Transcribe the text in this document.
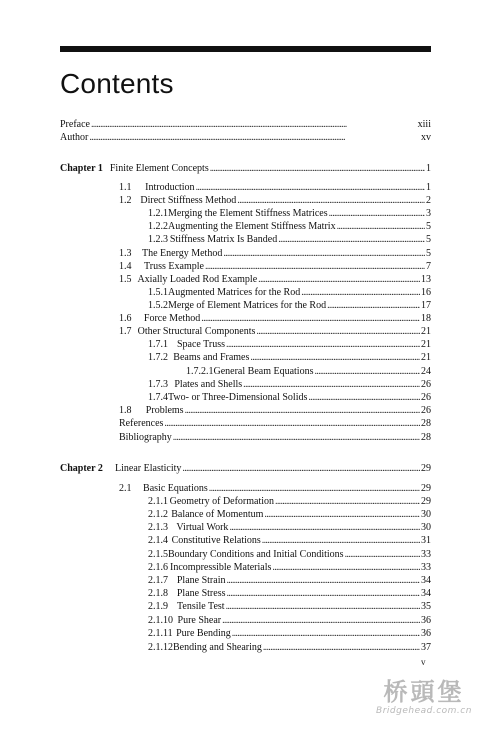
Contents
Preface . . .	xiii
Author . . .	xv
Chapter 1 Finite Element Concepts . . .	1
1.1	Introduction . . .	1
1.2 Direct Stiffness Method . . .	2
1.2.1 Merging the Element Stiffness Matrices . . .	3
1.2.2 Augmenting the Element Stiffness Matrix . . .	5
1.2.3 Stiffness Matrix Is Banded . . .	5
1.3	The Energy Method . . .	5
1.4	Truss Example . . .	7
1.5 Axially Loaded Rod Example . . .	13
1.5.1 Augmented Matrices for the Rod . . .	16
1.5.2 Merge of Element Matrices for the Rod . . .	17
1.6	Force Method . . .	18
1.7 Other Structural Components . . .	21
1.7.1 Space Truss . . .	21
1.7.2 Beams and Frames . . .	21
1.7.2.1 General Beam Equations . . .	24
1.7.3 Plates and Shells . . .	26
1.7.4 Two- or Three-Dimensional Solids . . .	26
1.8	Problems . . .	26
References . . .	28
Bibliography . . .	28
Chapter 2	Linear Elasticity . . .	29
2.1	Basic Equations . . .	29
2.1.1 Geometry of Deformation . . .	29
2.1.2 Balance of Momentum . . .	30
2.1.3 Virtual Work . . .	30
2.1.4 Constitutive Relations . . .	31
2.1.5 Boundary Conditions and Initial Conditions . . .	33
2.1.6 Incompressible Materials . . .	33
2.1.7 Plane Strain . . .	34
2.1.8 Plane Stress . . .	34
2.1.9 Tensile Test . . .	35
2.1.10 Pure Shear . . .	36
2.1.11 Pure Bending . . .	36
2.1.12 Bending and Shearing . . .	37
v
桥頭堡
Bridgehead.com.cn
